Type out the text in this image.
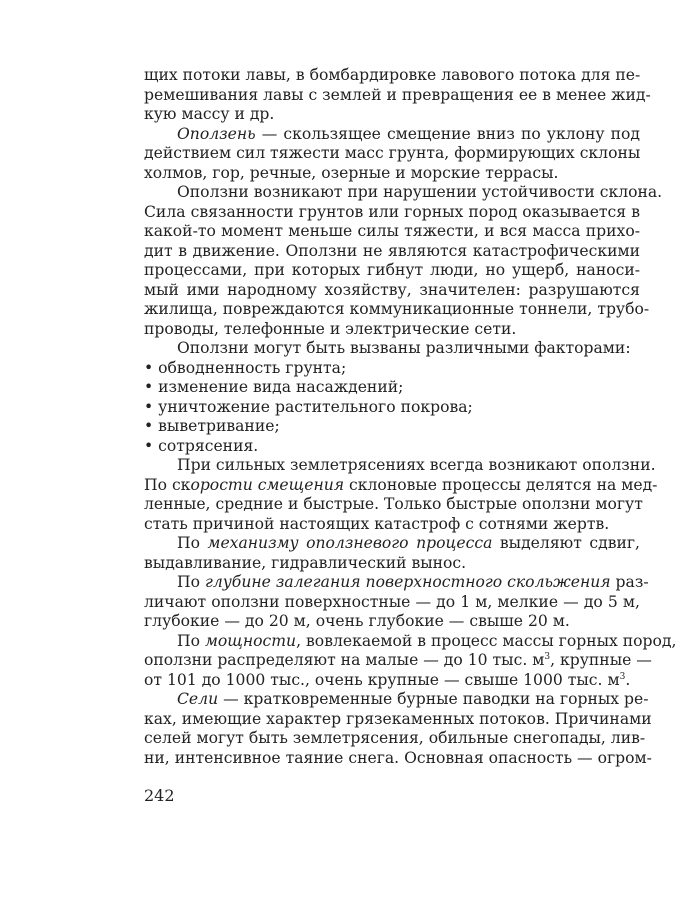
щих потоки лавы, в бомбардировке лавового потока для пе-
ремешивания лавы с землей и превращения ее в менее жид-
кую массу и др.
Оползень — скользящее смещение вниз по уклону под
действием сил тяжести масс грунта, формирующих склоны
холмов, гор, речные, озерные и морские террасы.
Оползни возникают при нарушении устойчивости склона.
Сила связанности грунтов или горных пород оказывается в
какой-то момент меньше силы тяжести, и вся масса прихо-
дит в движение. Оползни не являются катастрофическими
процессами, при которых гибнут люди, но ущерб, наноси-
мый ими народному хозяйству, значителен: разрушаются
жилища, повреждаются коммуникационные тоннели, трубо-
проводы, телефонные и электрические сети.
Оползни могут быть вызваны различными факторами:
• обводненность грунта;
• изменение вида насаждений;
• уничтожение растительного покрова;
• выветривание;
• сотрясения.
При сильных землетрясениях всегда возникают оползни.
По скорости смещения склоновые процессы делятся на мед-
ленные, средние и быстрые. Только быстрые оползни могут
стать причиной настоящих катастроф с сотнями жертв.
По механизму оползневого процесса выделяют сдвиг,
выдавливание, гидравлический вынос.
По глубине залегания поверхностного скольжения раз-
личают оползни поверхностные — до 1 м, мелкие — до 5 м,
глубокие — до 20 м, очень глубокие — свыше 20 м.
По мощности, вовлекаемой в процесс массы горных пород,
оползни распределяют на малые — до 10 тыс. $м^3$, крупные —
от 101 до 1000 тыс., очень крупные — свыше 1000 тыс. $м^3$.
Сели — кратковременные бурные паводки на горных ре-
ках, имеющие характер грязекаменных потоков. Причинами
селей могут быть землетрясения, обильные снегопады, лив-
ни, интенсивное таяние снега. Основная опасность — огром-
242
